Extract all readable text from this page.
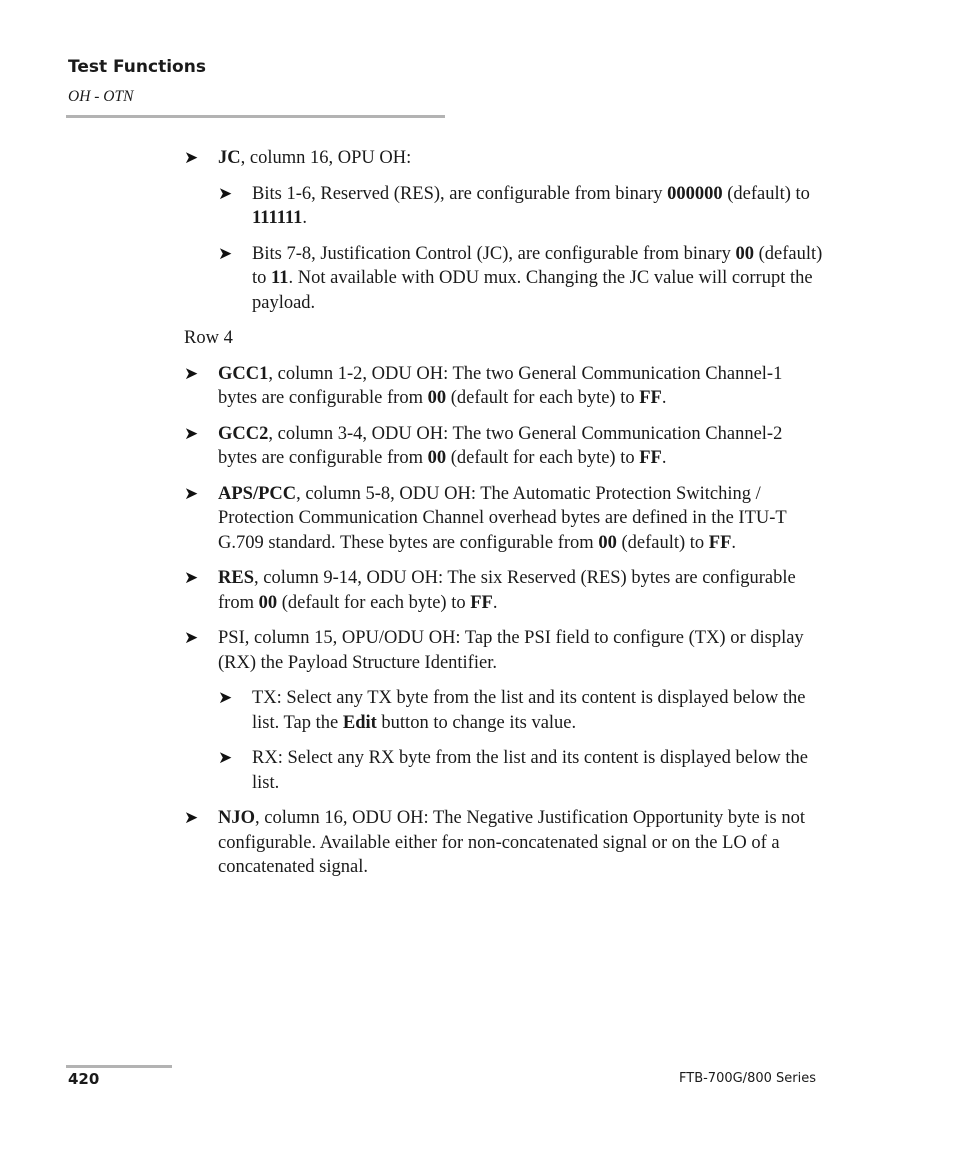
Test Functions
OH - OTN
➤ JC, column 16, OPU OH:
➤ Bits 1-6, Reserved (RES), are configurable from binary 000000 (default) to 111111.
➤ Bits 7-8, Justification Control (JC), are configurable from binary 00 (default) to 11. Not available with ODU mux. Changing the JC value will corrupt the payload.
Row 4
➤ GCC1, column 1-2, ODU OH: The two General Communication Channel-1 bytes are configurable from 00 (default for each byte) to FF.
➤ GCC2, column 3-4, ODU OH: The two General Communication Channel-2 bytes are configurable from 00 (default for each byte) to FF.
➤ APS/PCC, column 5-8, ODU OH: The Automatic Protection Switching / Protection Communication Channel overhead bytes are defined in the ITU-T G.709 standard. These bytes are configurable from 00 (default) to FF.
➤ RES, column 9-14, ODU OH: The six Reserved (RES) bytes are configurable from 00 (default for each byte) to FF.
➤ PSI, column 15, OPU/ODU OH: Tap the PSI field to configure (TX) or display (RX) the Payload Structure Identifier.
➤ TX: Select any TX byte from the list and its content is displayed below the list. Tap the Edit button to change its value.
➤ RX: Select any RX byte from the list and its content is displayed below the list.
➤ NJO, column 16, ODU OH: The Negative Justification Opportunity byte is not configurable. Available either for non-concatenated signal or on the LO of a concatenated signal.
420	FTB-700G/800 Series
